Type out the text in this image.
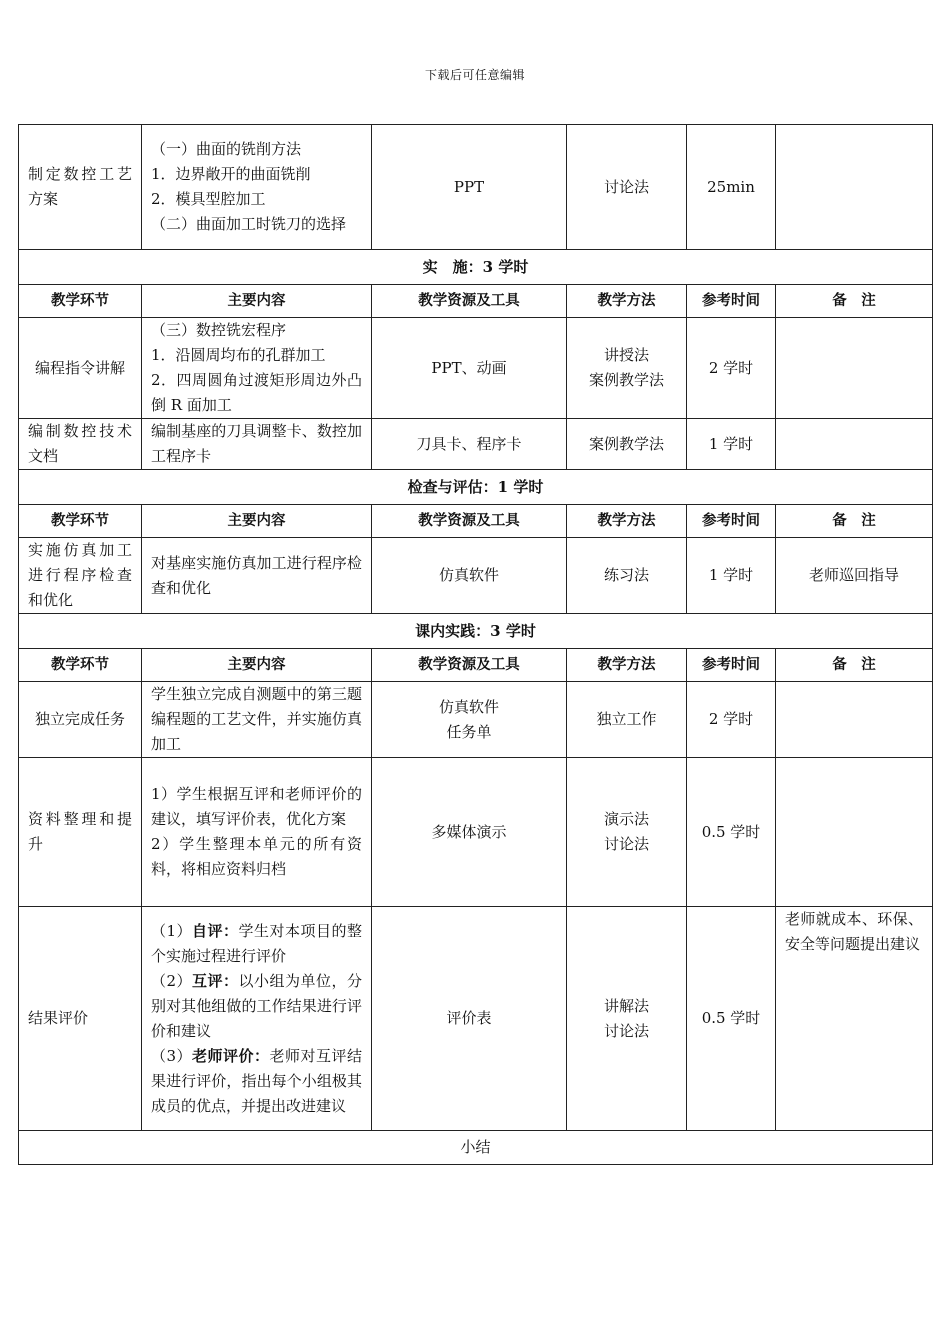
下载后可任意编辑
制定数控工艺方案	（一）曲面的铣削方法
1．边界敞开的曲面铣削
2．模具型腔加工
（二）曲面加工时铣刀的选择	PPT	讨论法	25min	
实　施：3 学时					
教学环节	主要内容	教学资源及工具	教学方法	参考时间	备　注
编程指令讲解	（三）数控铣宏程序
1．沿圆周均布的孔群加工
2．四周圆角过渡矩形周边外凸倒 R 面加工	PPT、动画	讲授法
案例教学法	2 学时	
编制数控技术文档	编制基座的刀具调整卡、数控加工程序卡	刀具卡、程序卡	案例教学法	1 学时	
检查与评估：1 学时					
教学环节	主要内容	教学资源及工具	教学方法	参考时间	备　注
实施仿真加工进行程序检查和优化	对基座实施仿真加工进行程序检查和优化	仿真软件	练习法	1 学时	老师巡回指导
课内实践：3 学时					
教学环节	主要内容	教学资源及工具	教学方法	参考时间	备　注
独立完成任务	学生独立完成自测题中的第三题编程题的工艺文件，并实施仿真加工	仿真软件
任务单	独立工作	2 学时	
资料整理和提升	1）学生根据互评和老师评价的建议，填写评价表，优化方案
2）学生整理本单元的所有资料，将相应资料归档	多媒体演示	演示法
讨论法	0.5 学时	
结果评价	（1）自评：学生对本项目的整个实施过程进行评价
（2）互评：以小组为单位，分别对其他组做的工作结果进行评价和建议
（3）老师评价：老师对互评结果进行评价，指出每个小组极其成员的优点，并提出改进建议	评价表	讲解法
讨论法	0.5 学时	老师就成本、环保、安全等问题提出建议
小结					
